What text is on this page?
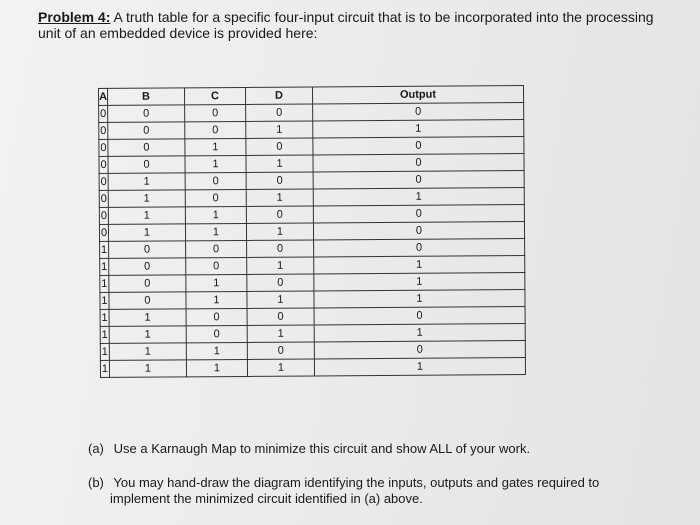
Problem 4: A truth table for a specific four-input circuit that is to be incorporated into the processing unit of an embedded device is provided here:
A	B	C	D	Output
0	0	0	0	0
0	0	0	1	1
0	0	1	0	0
0	0	1	1	0
0	1	0	0	0
0	1	0	1	1
0	1	1	0	0
0	1	1	1	0
1	0	0	0	0
1	0	0	1	1
1	0	1	0	1
1	0	1	1	1
1	1	0	0	0
1	1	0	1	1
1	1	1	0	0
1	1	1	1	1
(a) Use a Karnaugh Map to minimize this circuit and show ALL of your work.
(b) You may hand-draw the diagram identifying the inputs, outputs and gates required to
implement the minimized circuit identified in (a) above.
